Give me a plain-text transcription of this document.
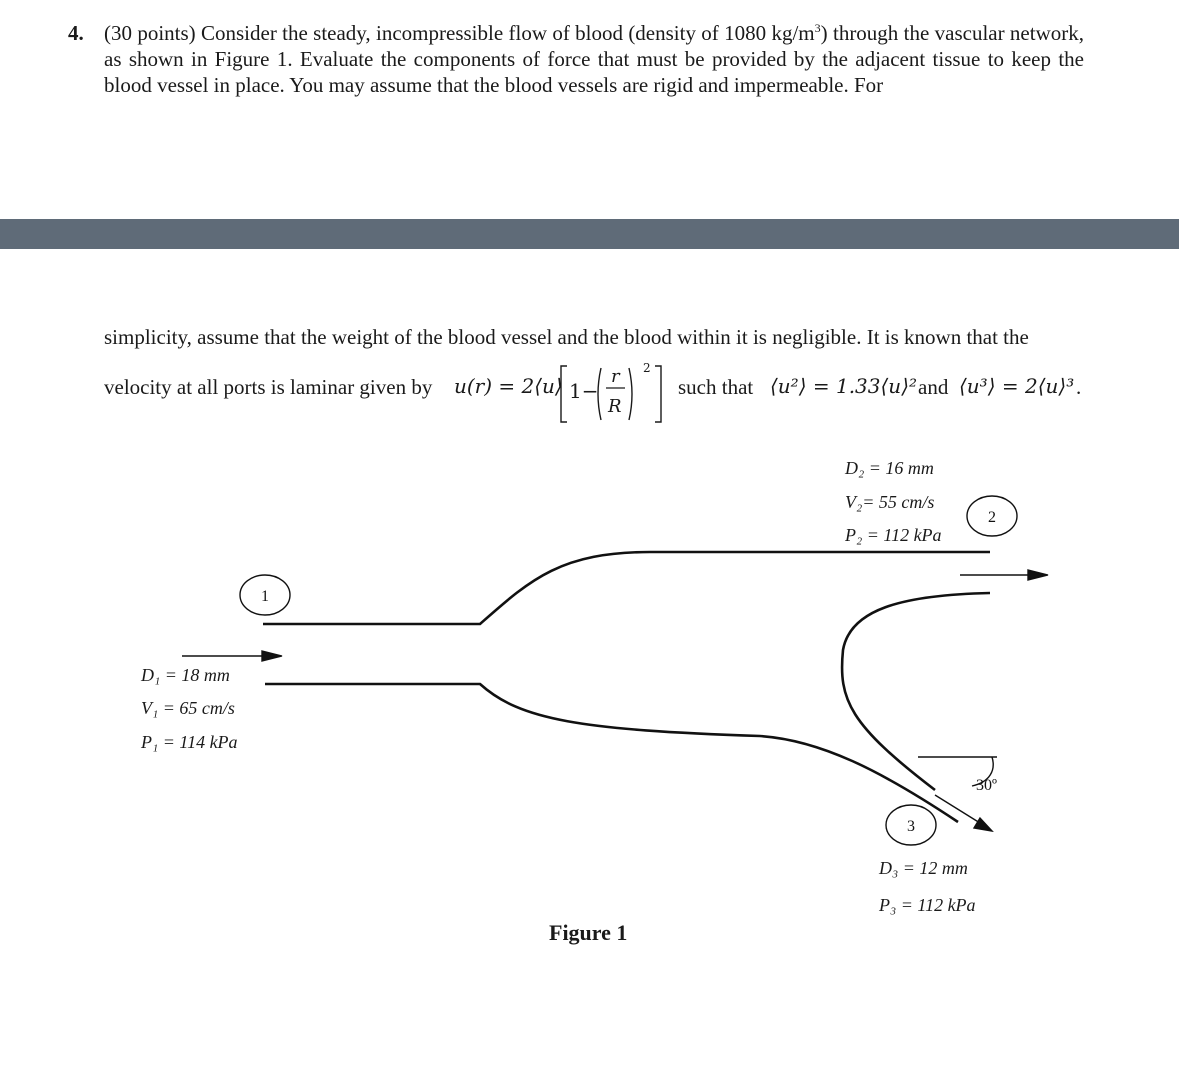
4. (30 points) Consider the steady, incompressible flow of blood (density of 1080 $kg/m^3$) through the vascular network, as shown in Figure 1. Evaluate the components of force that must be provided by the adjacent tissue to keep the blood vessel in place. You may assume that the blood vessels are rigid and impermeable. For
simplicity, assume that the weight of the blood vessel and the blood within it is negligible. It is known that the
velocity at all ports is laminar given by u(r) = 2⟨u⟩ 1−
r
R
2
such that ⟨u²⟩ = 1.33⟨u⟩² and ⟨u³⟩ = 2⟨u⟩³ .
30º
1
2
3
D₁ = 18 mm
V₁ = 65 cm/s
P₁ = 114 kPa
D₂ = 16 mm
V₂= 55 cm/s
P₂ = 112 kPa
D₃ = 12 mm
P₃ = 112 kPa
Figure 1
